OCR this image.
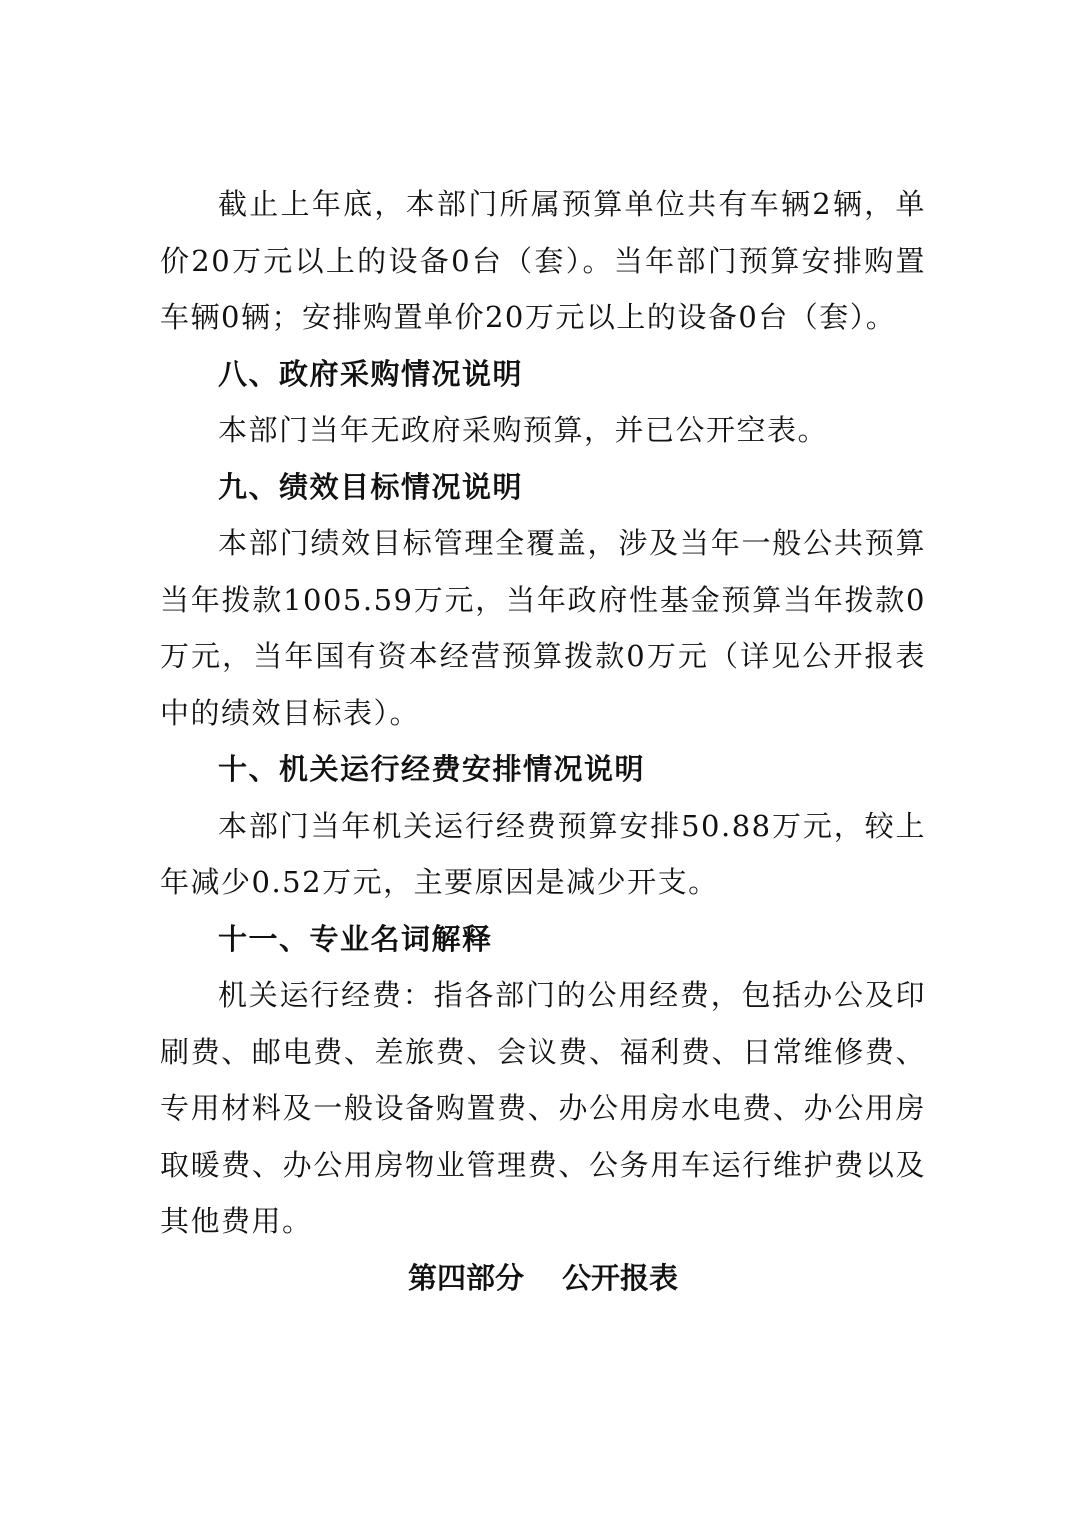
截止上年底，本部门所属预算单位共有车辆2辆，单价20万元以上的设备0台（套）。当年部门预算安排购置车辆0辆；安排购置单价20万元以上的设备0台（套）。

八、政府采购情况说明

本部门当年无政府采购预算，并已公开空表。

九、绩效目标情况说明

本部门绩效目标管理全覆盖，涉及当年一般公共预算当年拨款1005.59万元，当年政府性基金预算当年拨款0万元，当年国有资本经营预算拨款0万元（详见公开报表中的绩效目标表）。

十、机关运行经费安排情况说明

本部门当年机关运行经费预算安排50.88万元，较上年减少0.52万元，主要原因是减少开支。

十一、专业名词解释

机关运行经费：指各部门的公用经费，包括办公及印刷费、邮电费、差旅费、会议费、福利费、日常维修费、专用材料及一般设备购置费、办公用房水电费、办公用房取暖费、办公用房物业管理费、公务用车运行维护费以及其他费用。

第四部分 公开报表
